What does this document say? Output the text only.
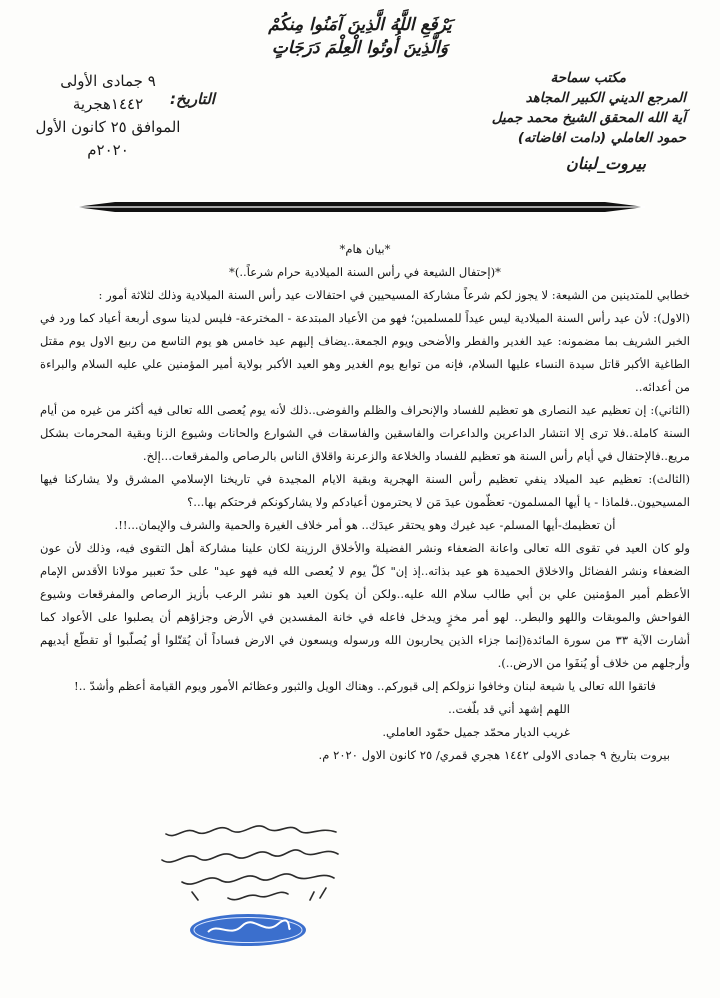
يَرْفَعِ اللَّهُ الَّذِينَ آمَنُوا مِنكُمْ
وَالَّذِينَ أُوتُوا الْعِلْمَ دَرَجَاتٍ
التاريخ:
٩ جمادى الأولى
١٤٤٢هجرية
الموافق ٢٥ كانون الأول
٢٠٢٠م
مكتب سماحة
المرجع الديني الكبير المجاهد
آية الله المحقق الشيخ محمد جميل
حمود العاملي (دامت افاضاته)
بيروت_لبنان

*بيان هام*

*(إحتفال الشيعة في رأس السنة الميلادية حرام شرعاً..)*

خطابي للمتدينين من الشيعة: لا يجوز لكم شرعاً مشاركة المسيحيين في احتفالات عيد رأس السنة الميلادية وذلك لثلاثة أمور :

(الاول): لأن عيد رأس السنة الميلادية ليس عيداً للمسلمين؛ فهو من الأعياد المبتدعة - المخترعة- فليس لدينا سوى أربعة أعياد كما ورد في الخبر الشريف بما مضمونه: عيد الغدير والفطر والأضحى ويوم الجمعة..يضاف إليهم عيد خامس هو يوم التاسع من ربيع الاول يوم مقتل الطاغية الأكبر قاتل سيدة النساء عليها السلام، فإنه من توابع يوم الغدير وهو العيد الأكبر بولاية أمير المؤمنين علي عليه السلام والبراءة من أعدائه..

(الثاني): إن تعظيم عيد النصارى هو تعظيم للفساد والإنحراف والظلم والفوضى..ذلك لأنه يوم يُعصى الله تعالى فيه أكثر من غيره من أيام السنة كاملة..فلا ترى إلا انتشار الداعرين والداعرات والفاسقين والفاسقات في الشوارع والحانات وشيوع الزنا وبقية المحرمات بشكل مريع..فالإحتفال في أيام رأس السنة هو تعظيم للفساد والخلاعة والزعرنة واقلاق الناس بالرصاص والمفرقعات...إلخ.

(الثالث): تعظيم عيد الميلاد ينفي تعظيم رأس السنة الهجرية وبقية الايام المجيدة في تاريخنا الإسلامي المشرق ولا يشاركنا فيها المسيحيون..فلماذا - يا أيها المسلمون- تعظّمون عيدَ مَن لا يحترمون أعيادكم ولا يشاركونكم فرحتكم بها...؟

أن تعظيمك-أيها المسلم- عيد غيرك وهو يحتقر عيدَك.. هو أمر خلاف الغيرة والحمية والشرف والإيمان...!!.

ولو كان العيد في تقوى الله تعالى واعانة الضعفاء ونشر الفضيلة والأخلاق الرزينة لكان علينا مشاركة أهل التقوى فيه، وذلك لأن عون الضعفاء ونشر الفضائل والاخلاق الحميدة هو عيد بذاته..إذ إن" كلّ يوم لا يُعصى الله فيه فهو عيد" على حدّ تعبير مولانا الأقدس الإمام الأعظم أمير المؤمنين علي بن أبي طالب سلام الله عليه..ولكن أن يكون العيد هو نشر الرعب بأزيز الرصاص والمفرقعات وشيوع الفواحش والموبقات واللهو والبطر.. لهو أمر مخزٍ ويدخل فاعله في خانة المفسدين في الأرض وجزاؤهم أن يصلبوا على الأعواد كما أشارت الآية ٣٣ من سورة المائدة(إنما جزاء الذين يحاربون الله ورسوله ويسعون في الارض فساداً أن يُقتّلوا أو يُصلّبوا أو تقطّع أيديهم وأرجلهم من خلاف أو يُنفَوا من الارض..).

فاتقوا الله تعالى يا شيعة لبنان وخافوا نزولكم إلى قبوركم.. وهناك الويل والثبور وعظائم الأمور ويوم القيامة أعظم وأشدّ ..!

اللهم إشهد أني قد بلّغت..

غريب الديار محمّد جميل حمّود العاملي.

بيروت بتاريخ ٩ جمادى الاولى ١٤٤٢ هجري قمري/ ٢٥ كانون الاول ٢٠٢٠ م.
